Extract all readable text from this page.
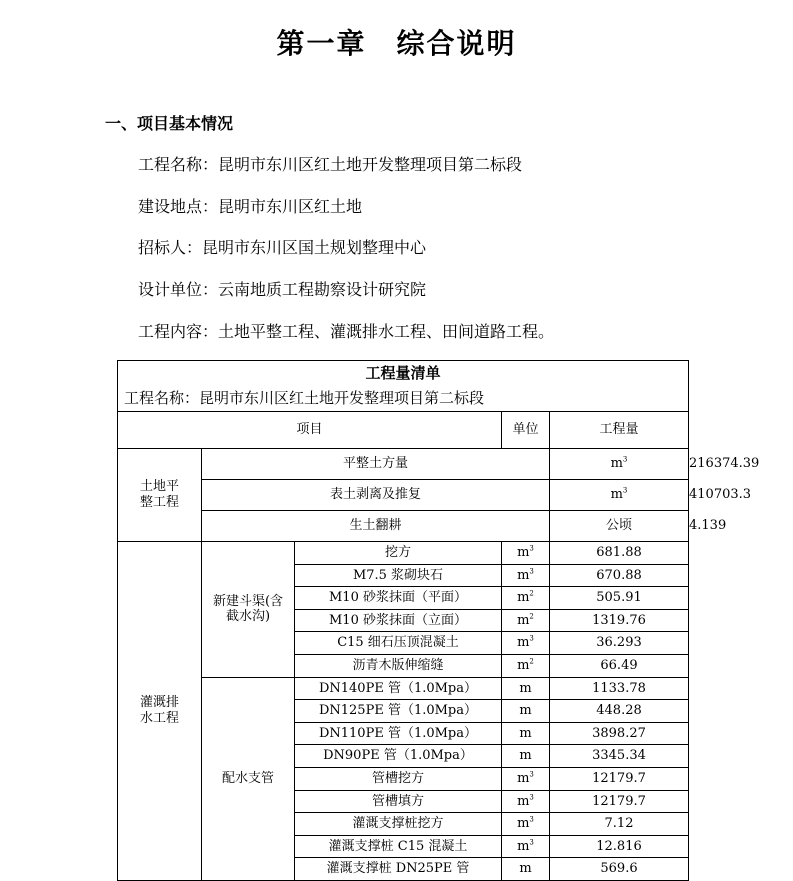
第一章　综合说明
一、项目基本情况
工程名称：昆明市东川区红土地开发整理项目第二标段
建设地点：昆明市东川区红土地
招标人：昆明市东川区国土规划整理中心
设计单位：云南地质工程勘察设计研究院
工程内容：土地平整工程、灌溉排水工程、田间道路工程。
工程量清单					
工程名称：昆明市东川区红土地开发整理项目第二标段					
项目			单位	工程量	
土地平
整工程	平整土方量			$m^3$	216374.39
	表土剥离及推复			$m^3$	410703.3
	生土翻耕			公顷	4.139
灌溉排
水工程	新建斗渠(含
截水沟)	挖方	$m^3$	681.88	
		M7.5 浆砌块石	$m^3$	670.88	
		M10 砂浆抹面（平面）	$m^2$	505.91	
		M10 砂浆抹面（立面）	$m^2$	1319.76	
		C15 细石压顶混凝土	$m^3$	36.293	
		沥青木版伸缩缝	$m^2$	66.49	
	配水支管	DN140PE 管（1.0Mpa）	m	1133.78	
		DN125PE 管（1.0Mpa）	m	448.28	
		DN110PE 管（1.0Mpa）	m	3898.27	
		DN90PE 管（1.0Mpa）	m	3345.34	
		管槽挖方	$m^3$	12179.7	
		管槽填方	$m^3$	12179.7	
		灌溉支撑桩挖方	$m^3$	7.12	
		灌溉支撑桩 C15 混凝土	$m^3$	12.816	
		灌溉支撑桩 DN25PE 管	m	569.6	
